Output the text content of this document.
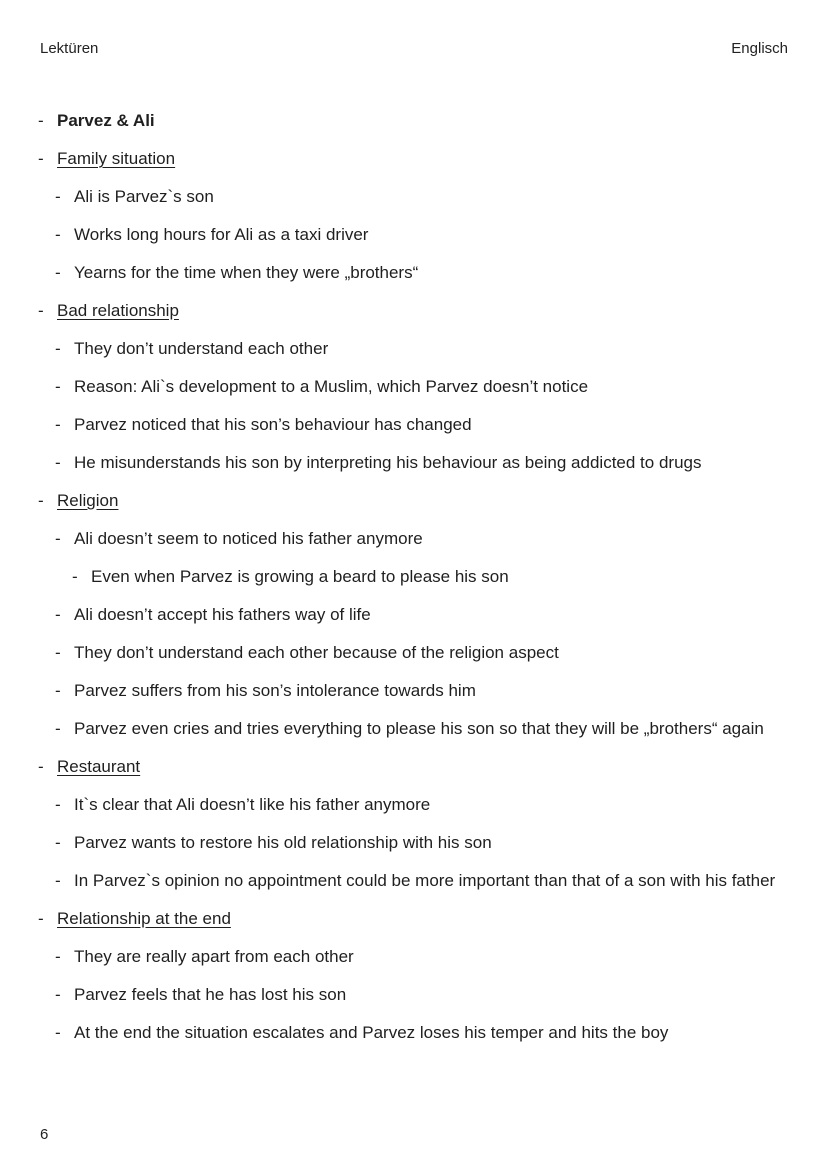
Lektüren	Englisch
- Parvez & Ali
- Family situation
- Ali is Parvez`s son
- Works long hours for Ali as a taxi driver
- Yearns for the time when they were „brothers“
- Bad relationship
- They don’t understand each other
- Reason: Ali`s development to a Muslim, which Parvez doesn’t notice
- Parvez noticed that his son’s behaviour has changed
- He misunderstands his son by interpreting his behaviour as being addicted to drugs
- Religion
- Ali doesn’t seem to noticed his father anymore
- Even when Parvez is growing a beard to please his son
- Ali doesn’t accept his fathers way of life
- They don’t understand each other because of the religion aspect
- Parvez suffers from his son’s intolerance towards him
- Parvez even cries and tries everything to please his son so that they will be „brothers“ again
- Restaurant
- It`s clear that Ali doesn’t like his father anymore
- Parvez wants to restore his old relationship with his son
- In Parvez`s opinion no appointment could be more important than that of a son with his father
- Relationship at the end
- They are really apart from each other
- Parvez feels that he has lost his son
- At the end the situation escalates and Parvez loses his temper and hits the boy
6
